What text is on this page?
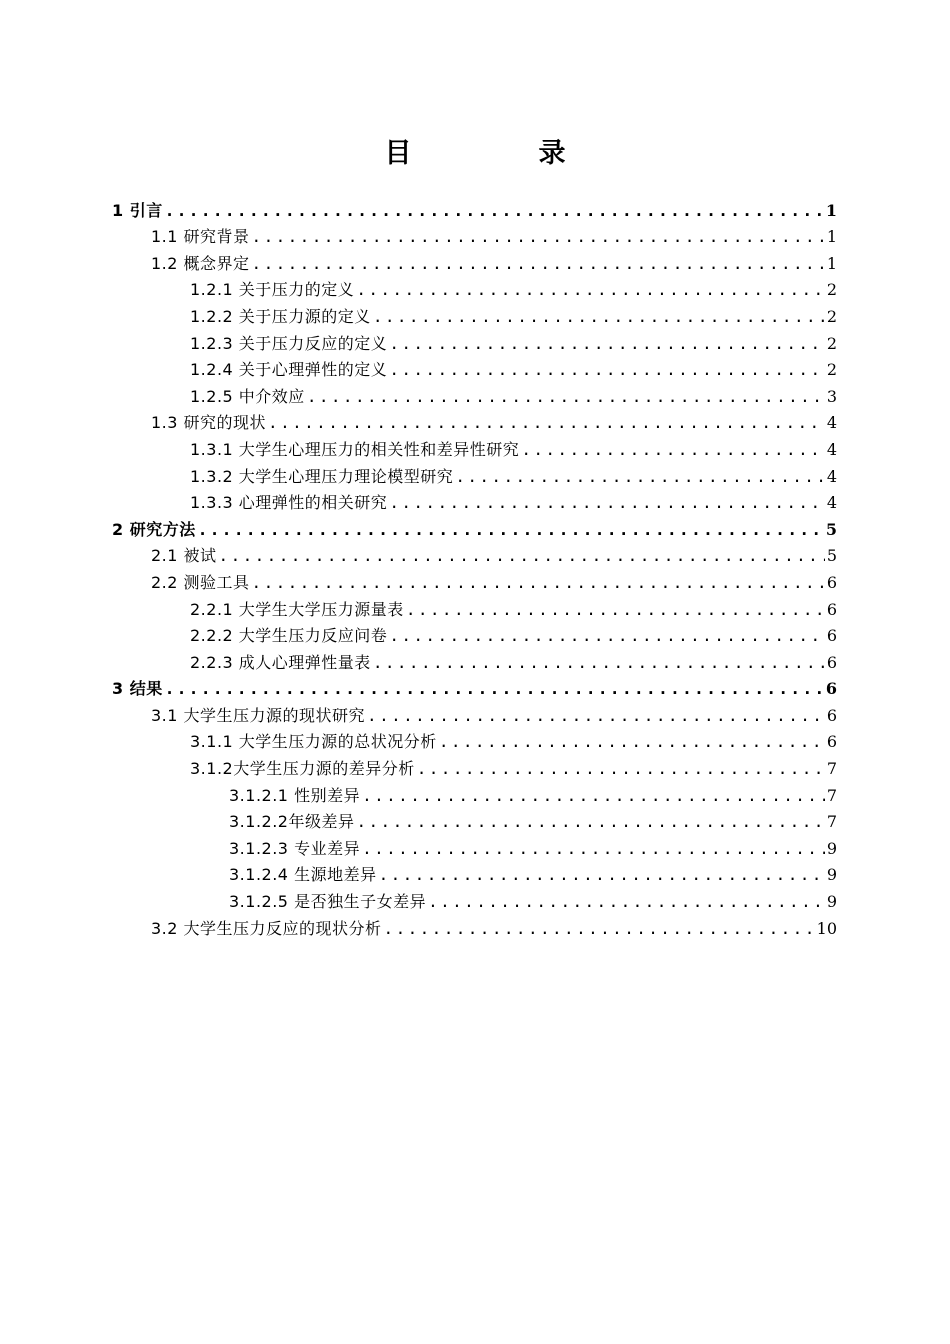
目　录
1 引言 .....	1
1.1 研究背景 .....	1
1.2 概念界定 .....	1
1.2.1 关于压力的定义 .....	2
1.2.2 关于压力源的定义 .....	2
1.2.3 关于压力反应的定义 .....	2
1.2.4 关于心理弹性的定义 .....	2
1.2.5 中介效应 .....	3
1.3 研究的现状 .....	4
1.3.1 大学生心理压力的相关性和差异性研究 .....	4
1.3.2 大学生心理压力理论模型研究 .....	4
1.3.3 心理弹性的相关研究 .....	4
2 研究方法 .....	5
2.1 被试 .....	5
2.2 测验工具 .....	6
2.2.1 大学生大学压力源量表 .....	6
2.2.2 大学生压力反应问卷 .....	6
2.2.3 成人心理弹性量表 .....	6
3 结果 .....	6
3.1 大学生压力源的现状研究 .....	6
3.1.1 大学生压力源的总状况分析 .....	6
3.1.2大学生压力源的差异分析 .....	7
3.1.2.1 性别差异 .....	7
3.1.2.2年级差异 .....	7
3.1.2.3 专业差异 .....	9
3.1.2.4 生源地差异 .....	9
3.1.2.5 是否独生子女差异 .....	9
3.2 大学生压力反应的现状分析 .....	10
